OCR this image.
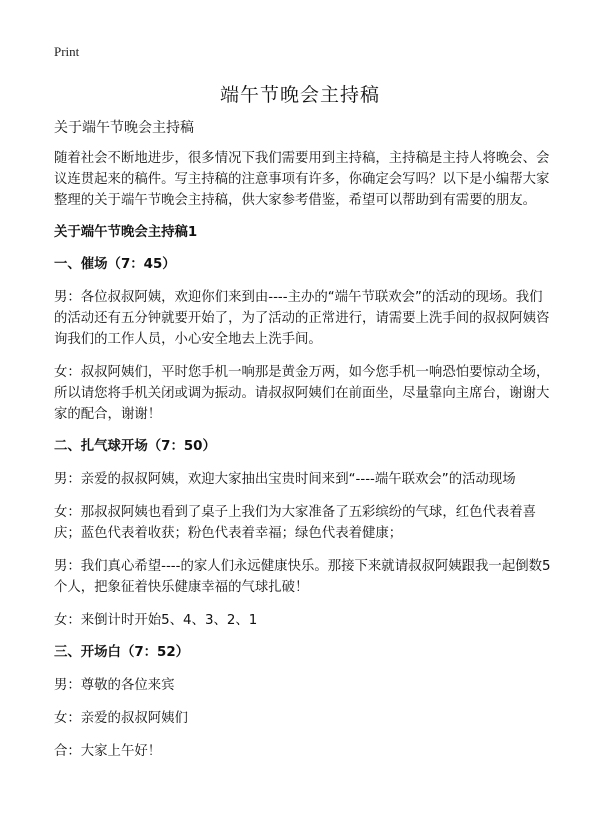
Print
端午节晚会主持稿

关于端午节晚会主持稿

随着社会不断地进步，很多情况下我们需要用到主持稿，主持稿是主持人将晚会、会议连贯起来的稿件。写主持稿的注意事项有许多，你确定会写吗？以下是小编帮大家整理的关于端午节晚会主持稿，供大家参考借鉴，希望可以帮助到有需要的朋友。

关于端午节晚会主持稿1

一、催场（7：45）

男：各位叔叔阿姨，欢迎你们来到由----主办的“端午节联欢会”的活动的现场。我们的活动还有五分钟就要开始了，为了活动的正常进行，请需要上洗手间的叔叔阿姨咨询我们的工作人员，小心安全地去上洗手间。

女：叔叔阿姨们，平时您手机一响那是黄金万两，如今您手机一响恐怕要惊动全场，所以请您将手机关闭或调为振动。请叔叔阿姨们在前面坐，尽量靠向主席台，谢谢大家的配合，谢谢！

二、扎气球开场（7：50）

男：亲爱的叔叔阿姨，欢迎大家抽出宝贵时间来到“----端午联欢会”的活动现场

女：那叔叔阿姨也看到了桌子上我们为大家准备了五彩缤纷的气球，红色代表着喜庆；蓝色代表着收获；粉色代表着幸福；绿色代表着健康；

男：我们真心希望----的家人们永远健康快乐。那接下来就请叔叔阿姨跟我一起倒数5个人，把象征着快乐健康幸福的气球扎破！

女：来倒计时开始5、4、3、2、1

三、开场白（7：52）

男：尊敬的各位来宾

女：亲爱的叔叔阿姨们

合：大家上午好！
